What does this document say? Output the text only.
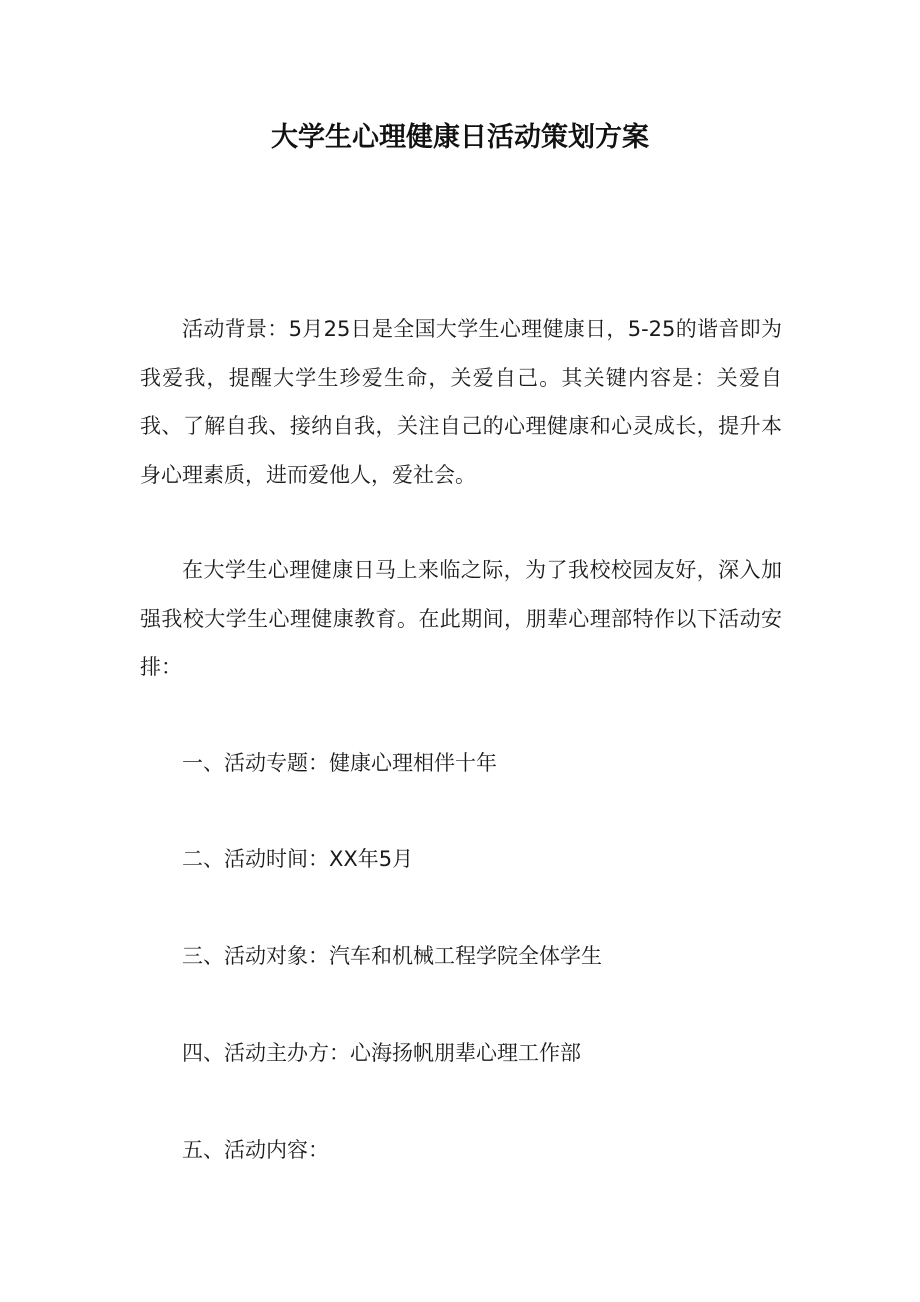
大学生心理健康日活动策划方案

活动背景：5月25日是全国大学生心理健康日，5-25的谐音即为我爱我，提醒大学生珍爱生命，关爱自己。其关键内容是：关爱自我、了解自我、接纳自我，关注自己的心理健康和心灵成长，提升本身心理素质，进而爱他人，爱社会。

在大学生心理健康日马上来临之际，为了我校校园友好，深入加强我校大学生心理健康教育。在此期间，朋辈心理部特作以下活动安排：

一、活动专题：健康心理相伴十年

二、活动时间：XX年5月

三、活动对象：汽车和机械工程学院全体学生

四、活动主办方：心海扬帆朋辈心理工作部

五、活动内容：
